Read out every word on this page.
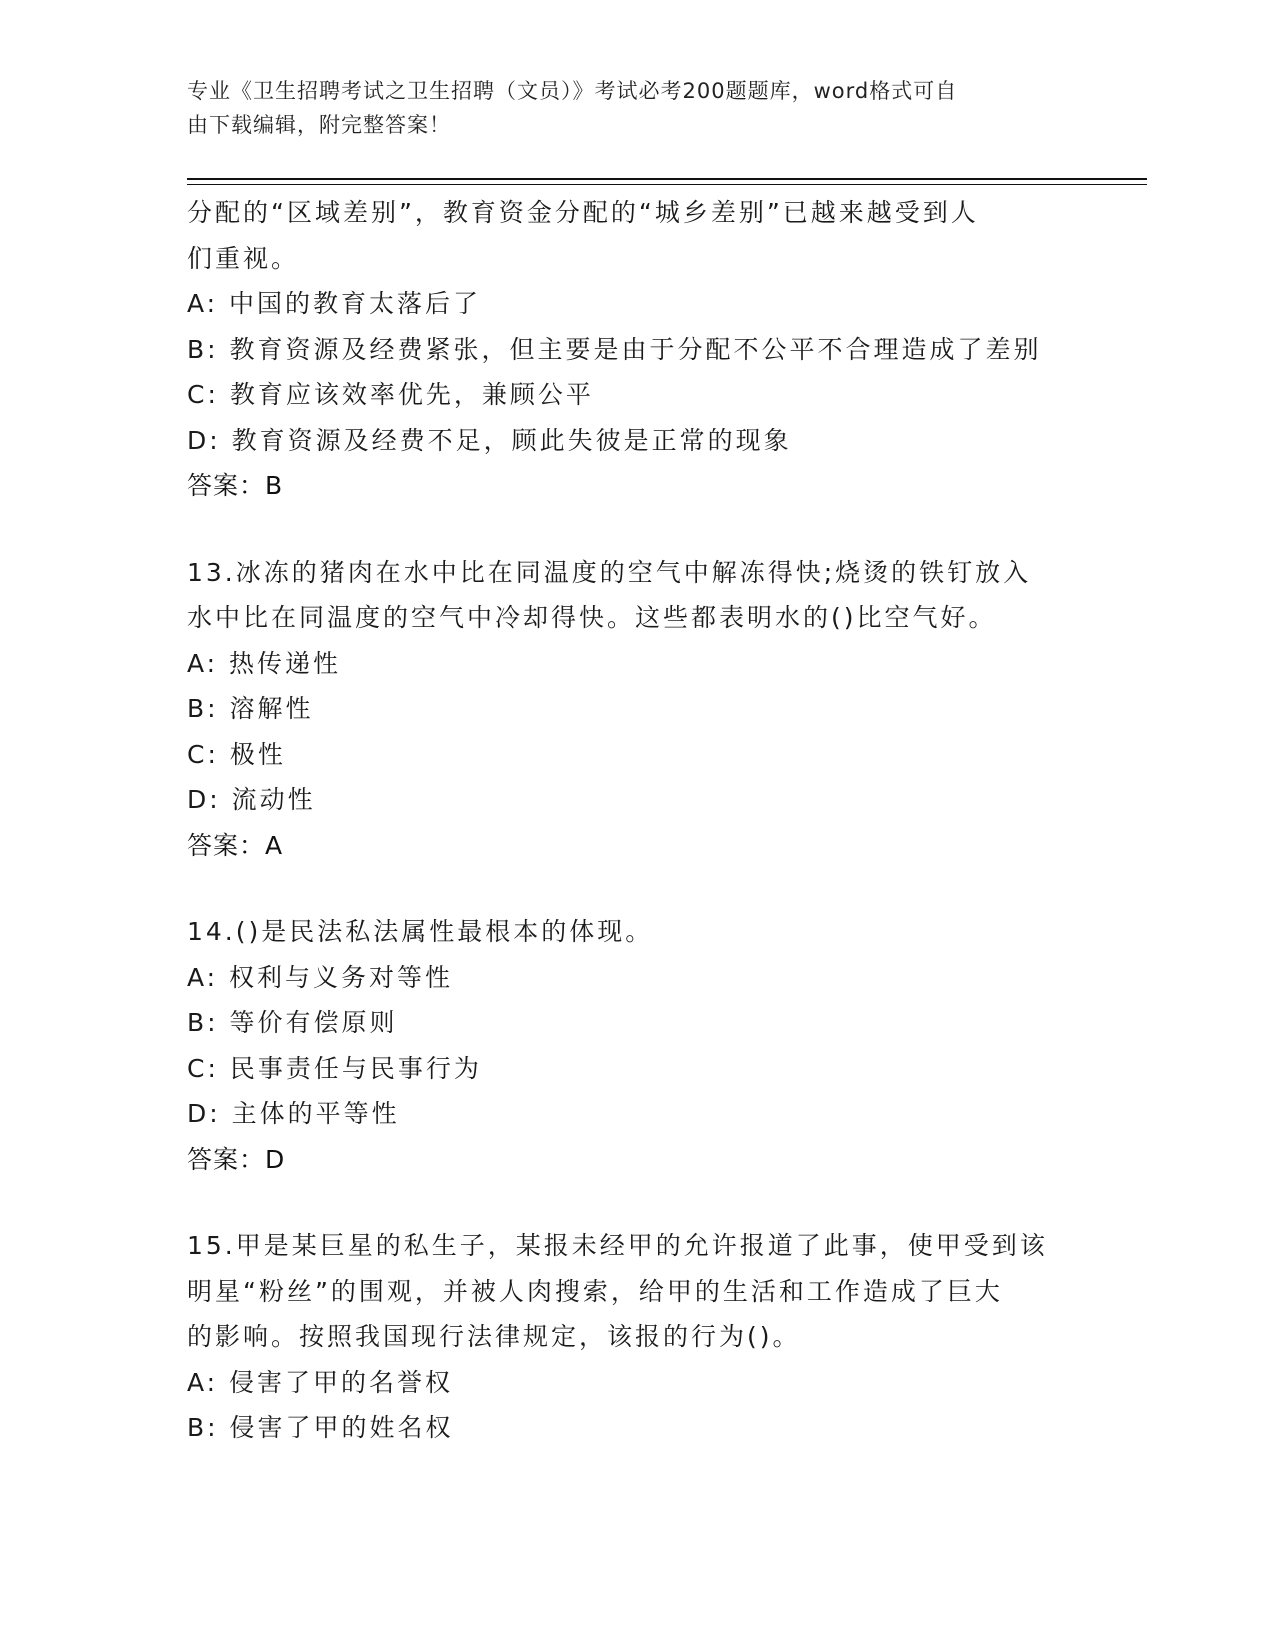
专业《卫生招聘考试之卫生招聘（文员）》考试必考200题题库，word格式可自
由下载编辑，附完整答案！
分配的“区域差别”，教育资金分配的“城乡差别”已越来越受到人
们重视。
A: 中国的教育太落后了
B: 教育资源及经费紧张，但主要是由于分配不公平不合理造成了差别
C: 教育应该效率优先，兼顾公平
D: 教育资源及经费不足，顾此失彼是正常的现象
答案：B
13.冰冻的猪肉在水中比在同温度的空气中解冻得快;烧烫的铁钉放入
水中比在同温度的空气中冷却得快。这些都表明水的()比空气好。
A: 热传递性
B: 溶解性
C: 极性
D: 流动性
答案：A
14.()是民法私法属性最根本的体现。
A: 权利与义务对等性
B: 等价有偿原则
C: 民事责任与民事行为
D: 主体的平等性
答案：D
15.甲是某巨星的私生子，某报未经甲的允许报道了此事，使甲受到该
明星“粉丝”的围观，并被人肉搜索，给甲的生活和工作造成了巨大
的影响。按照我国现行法律规定，该报的行为()。
A: 侵害了甲的名誉权
B: 侵害了甲的姓名权
